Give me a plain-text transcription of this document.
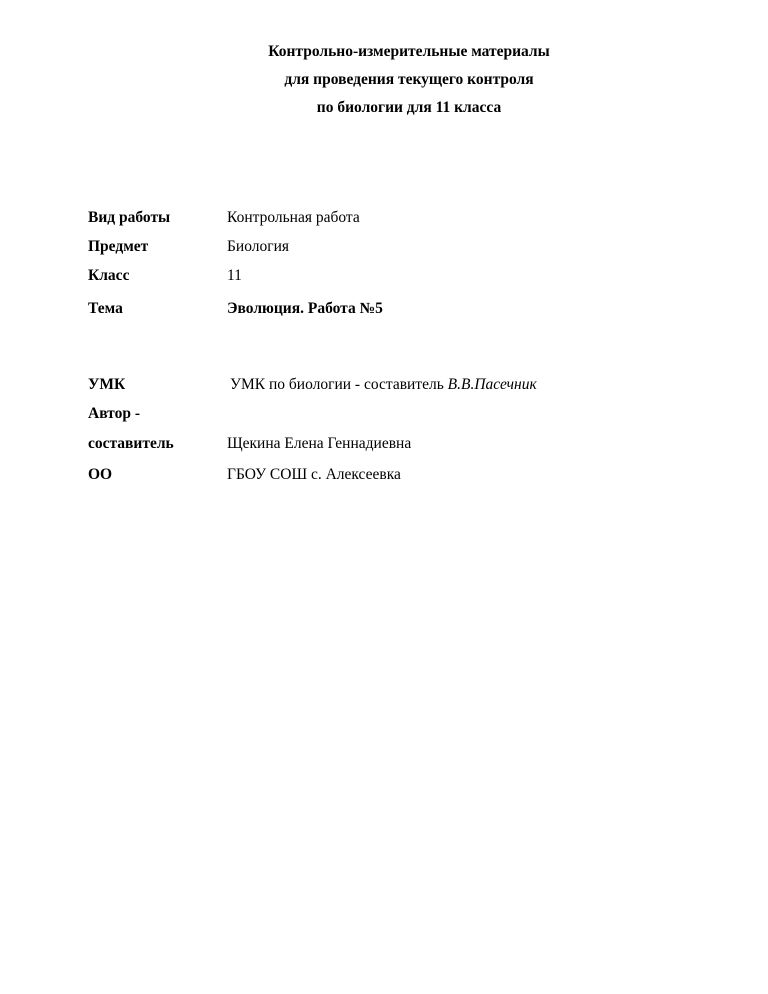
Контрольно-измерительные материалы
для проведения текущего контроля
по биологии для 11 класса
Вид работы	Контрольная работа
Предмет	Биология
Класс	11
Тема	Эволюция. Работа №5
УМК	УМК по биологии - составитель В.В.Пасечник
Автор -
составитель	Щекина Елена Геннадиевна
ОО	ГБОУ СОШ с. Алексеевка
